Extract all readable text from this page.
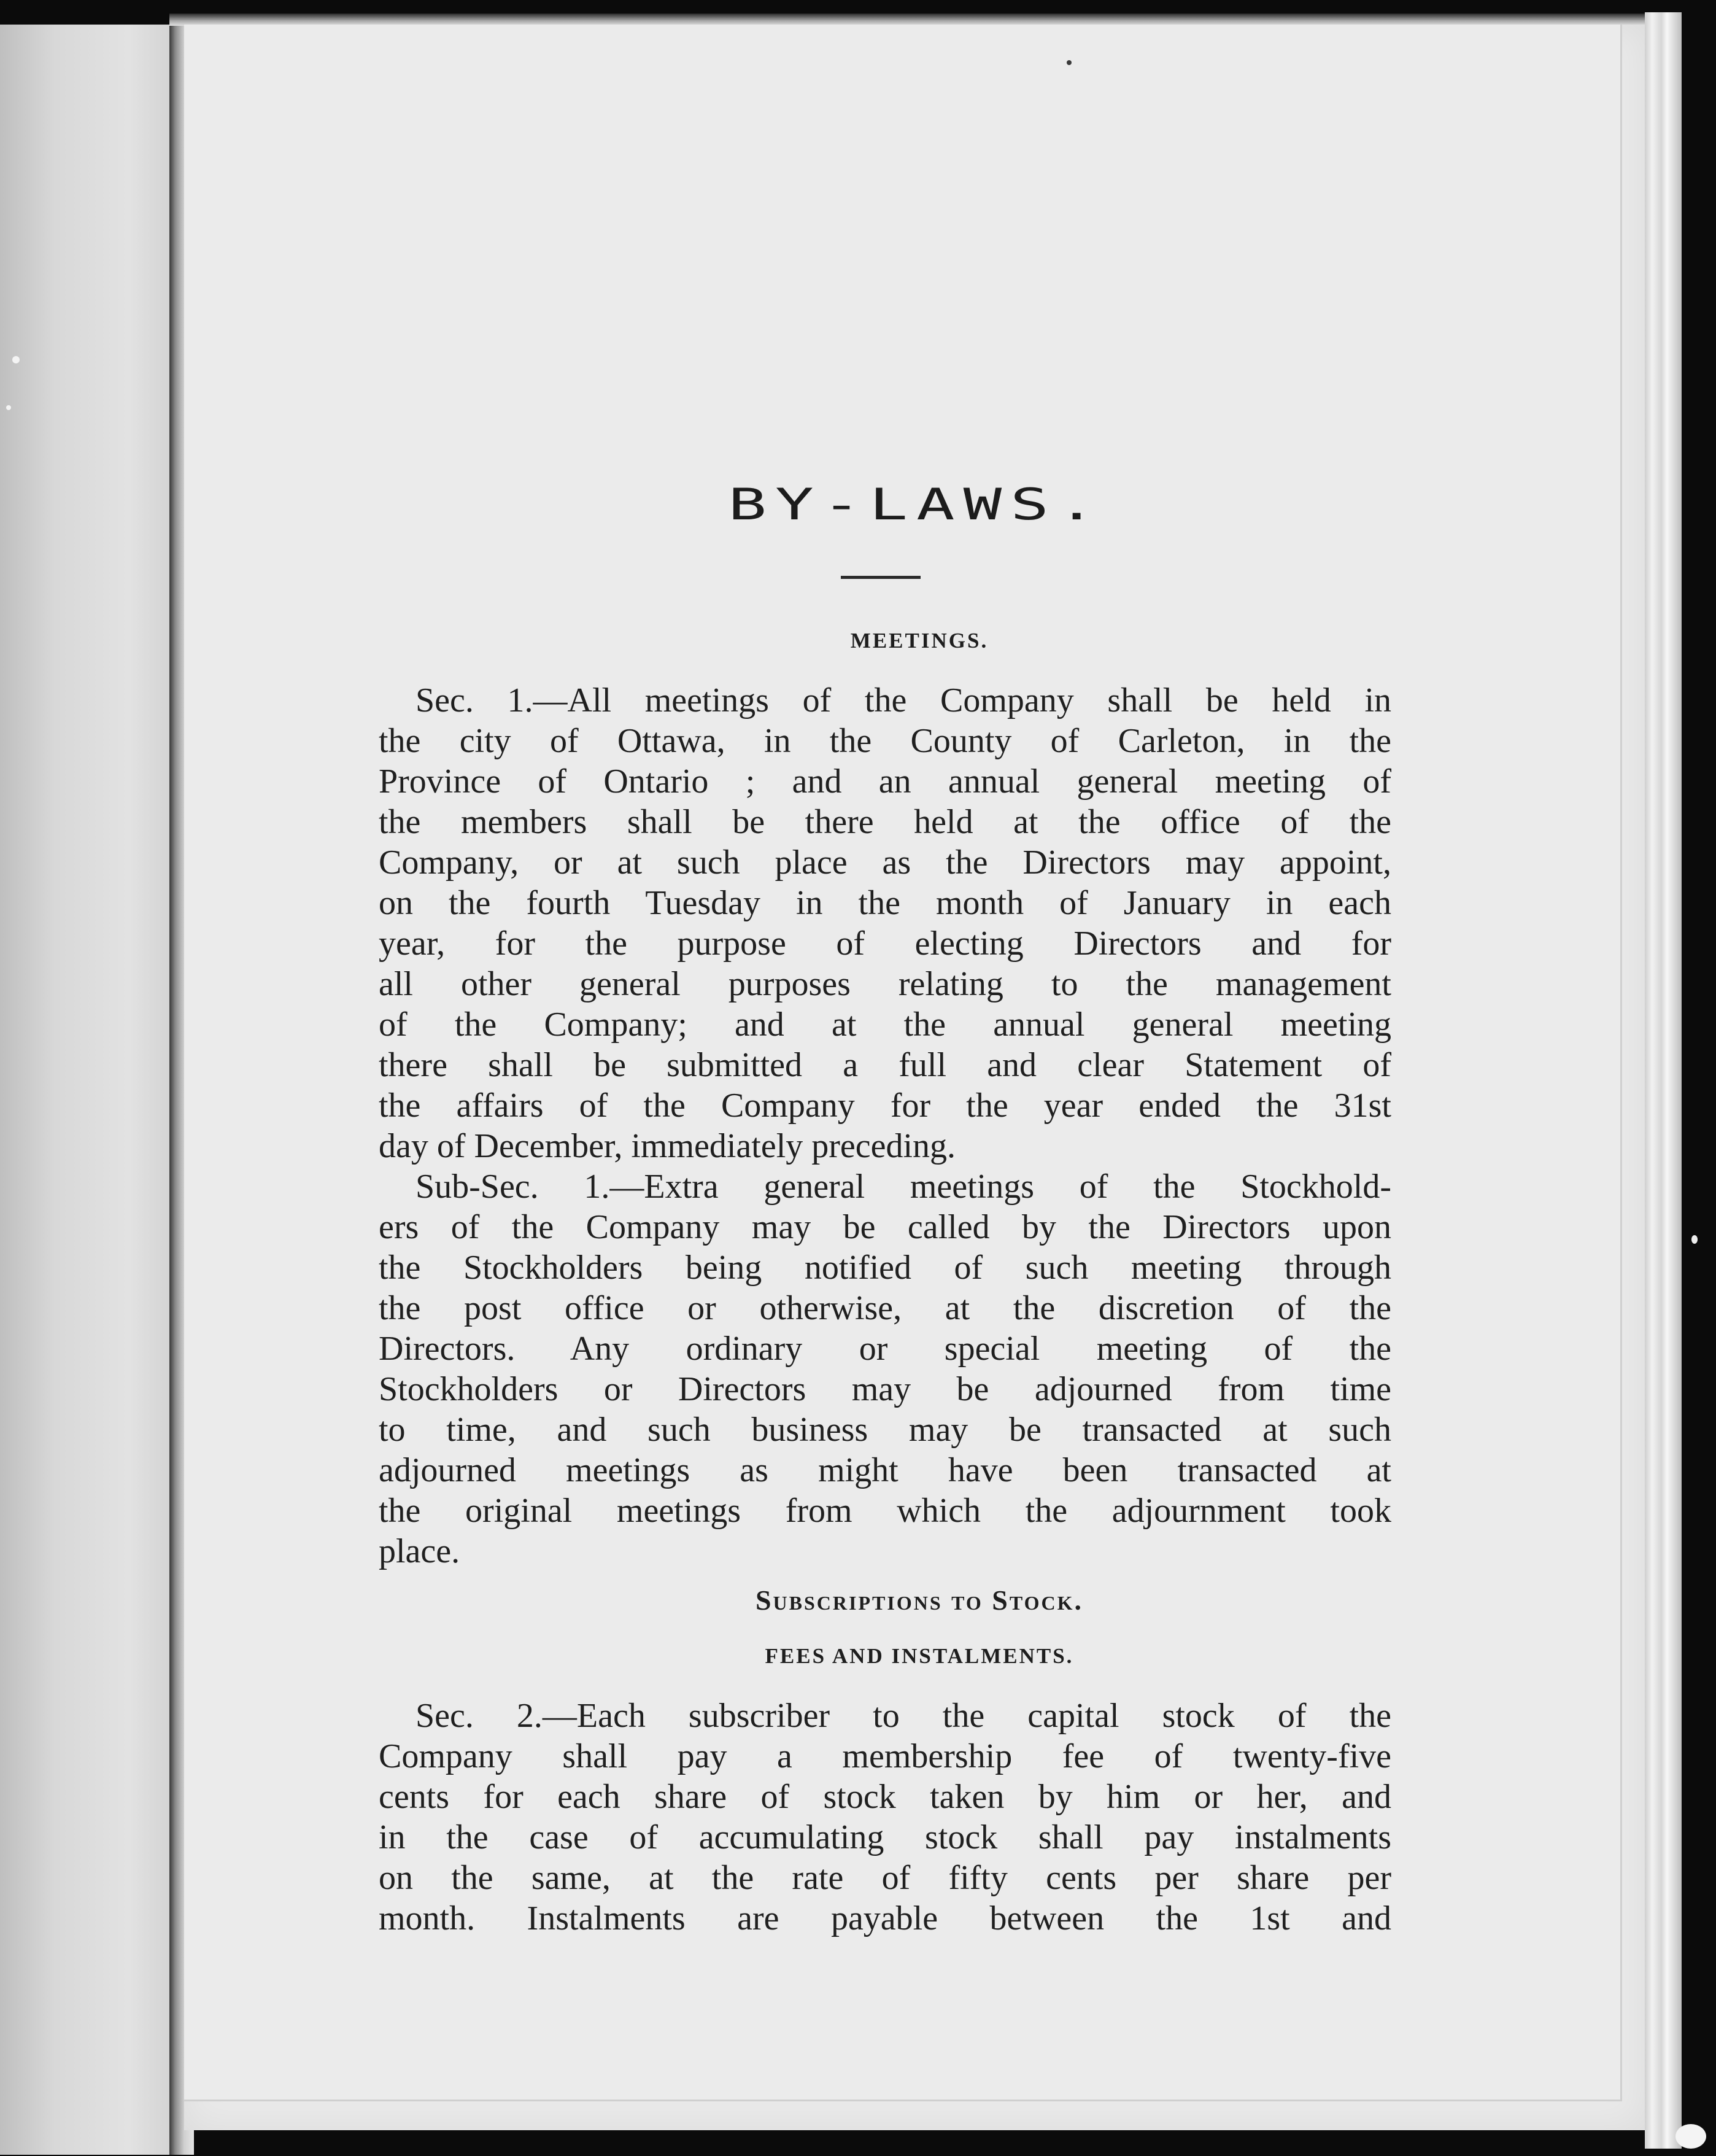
BY-LAWS.
MEETINGS.
Sec. 1.—All meetings of the Company shall be held in
the city of Ottawa, in the County of Carleton, in the
Province of Ontario ; and an annual general meeting of
the members shall be there held at the office of the
Company, or at such place as the Directors may appoint,
on the fourth Tuesday in the month of January in each
year, for the purpose of electing Directors and for
all other general purposes relating to the management
of the Company; and at the annual general meeting
there shall be submitted a full and clear Statement of
the affairs of the Company for the year ended the 31st
day of December, immediately preceding.
Sub-Sec. 1.—Extra general meetings of the Stockhold-
ers of the Company may be called by the Directors upon
the Stockholders being notified of such meeting through
the post office or otherwise, at the discretion of the
Directors. Any ordinary or special meeting of the
Stockholders or Directors may be adjourned from time
to time, and such business may be transacted at such
adjourned meetings as might have been transacted at
the original meetings from which the adjournment took
place.
Subscriptions to Stock.
FEES AND INSTALMENTS.
Sec. 2.—Each subscriber to the capital stock of the
Company shall pay a membership fee of twenty-five
cents for each share of stock taken by him or her, and
in the case of accumulating stock shall pay instalments
on the same, at the rate of fifty cents per share per
month. Instalments are payable between the 1st and
